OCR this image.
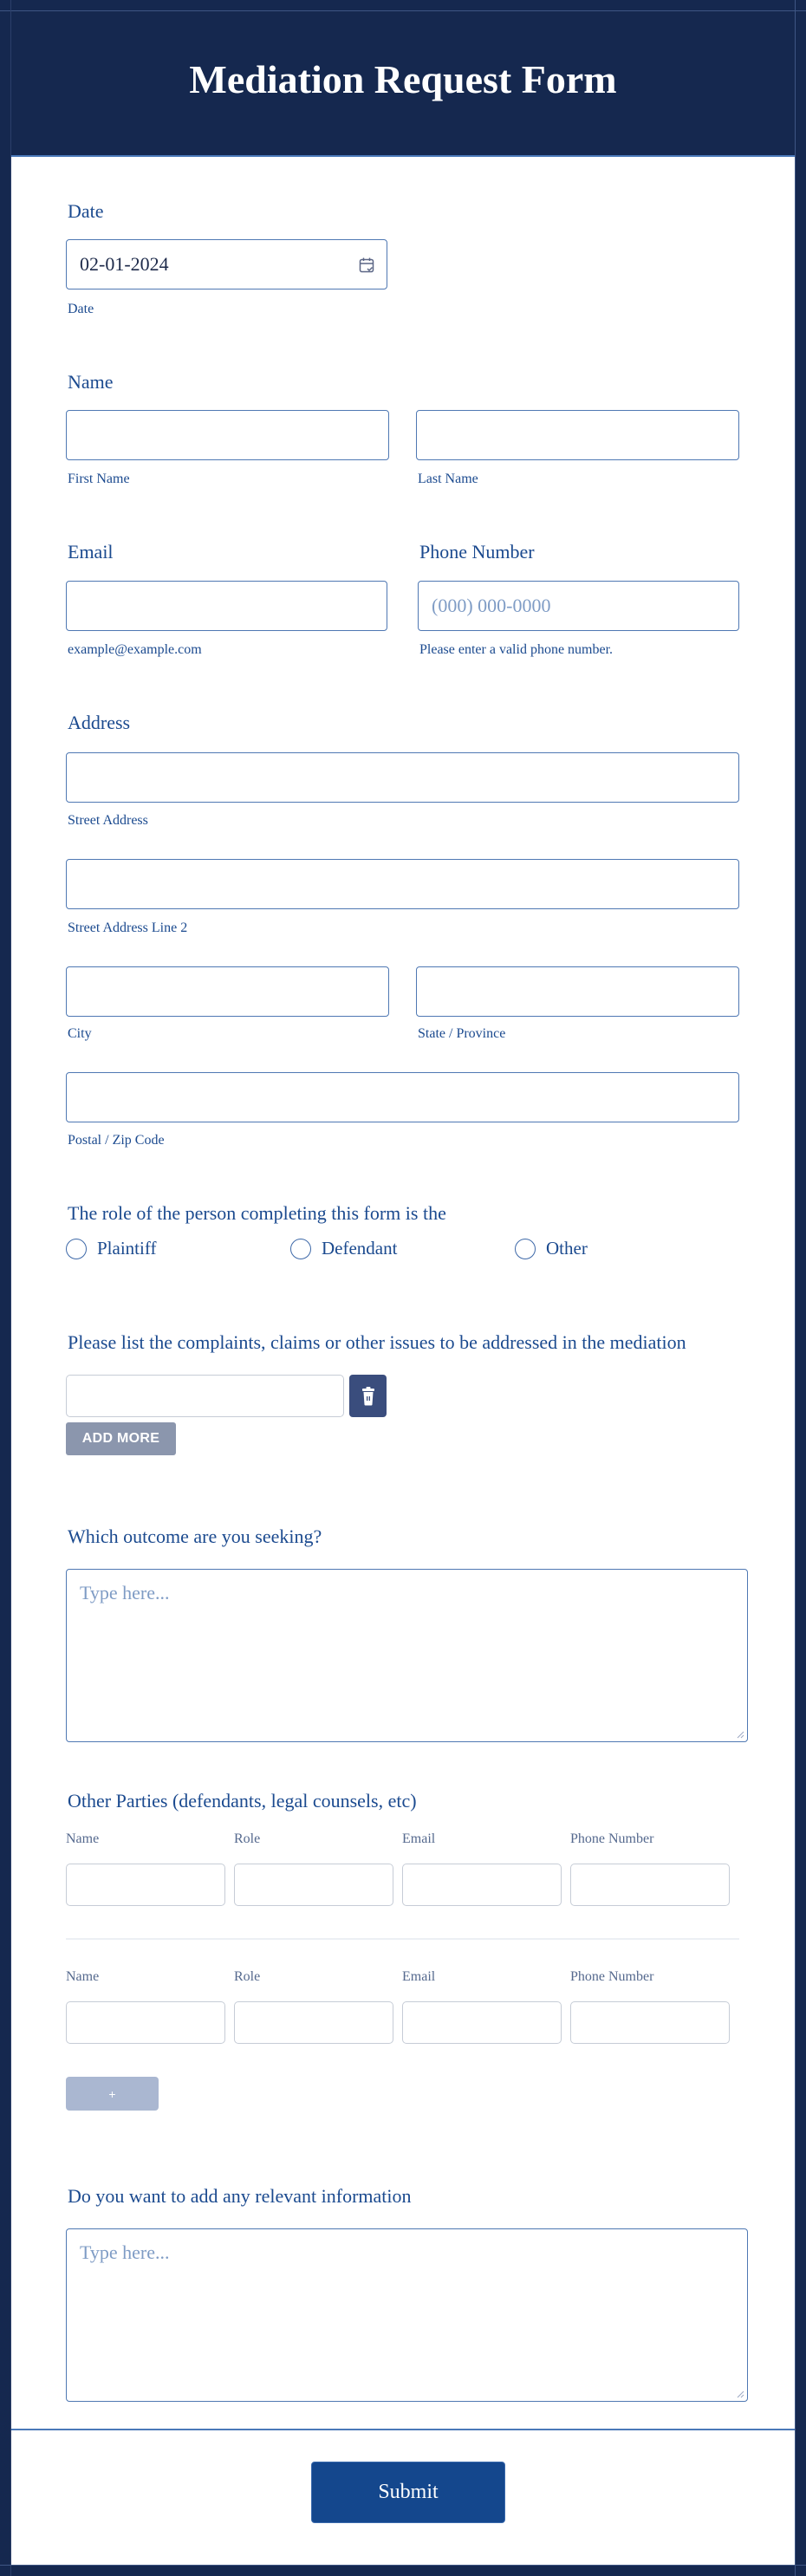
Mediation Request Form
Date
02-01-2024
Date
Name
First Name	Last Name
Email	Phone Number
(000) 000-0000
example@example.com	Please enter a valid phone number.
Address
Street Address
Street Address Line 2
City	State / Province
Postal / Zip Code
The role of the person completing this form is the
Plaintiff	Defendant	Other
Please list the complaints, claims or other issues to be addressed in the mediation
ADD MORE
Which outcome are you seeking?
Type here...
Other Parties (defendants, legal counsels, etc)
Name	Role	Email	Phone Number
Name	Role	Email	Phone Number
+
Do you want to add any relevant information
Type here...
Submit
